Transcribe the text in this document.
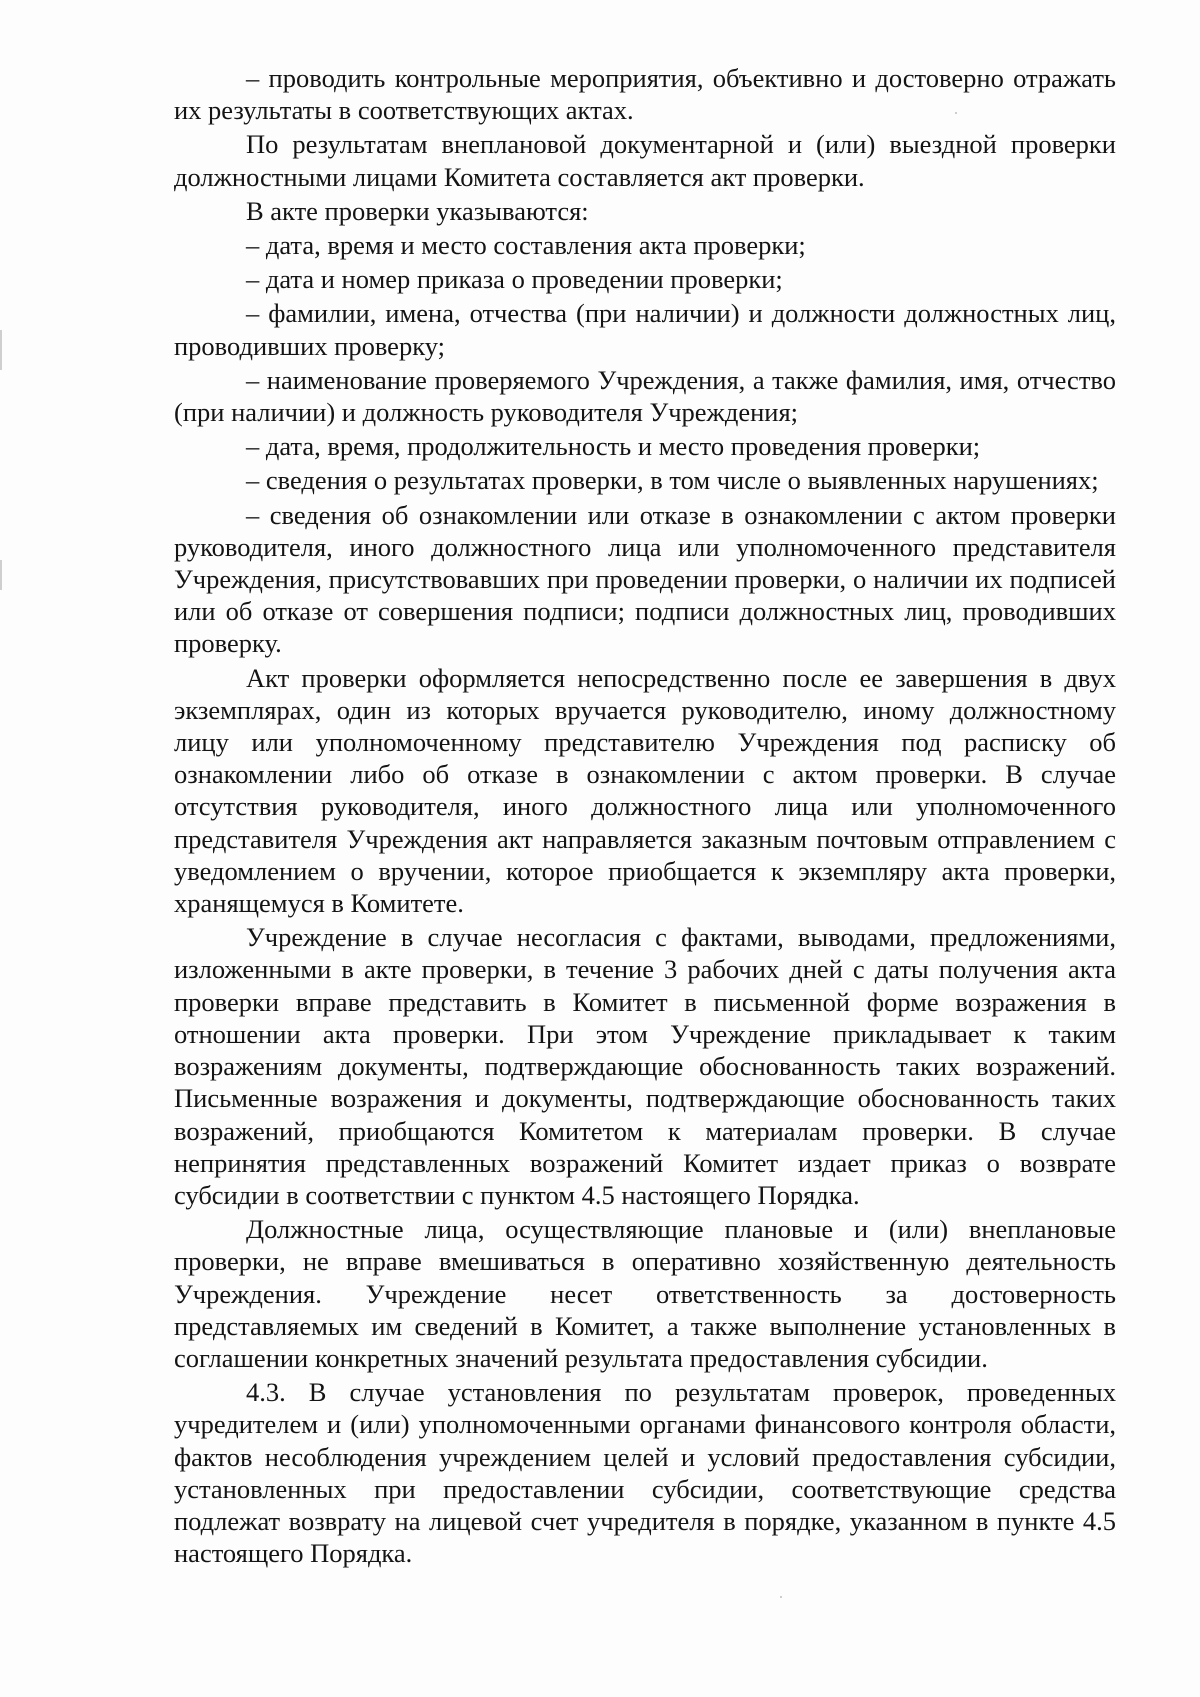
– проводить контрольные мероприятия, объективно и достоверно отражать их результаты в соответствующих актах.

По результатам внеплановой документарной и (или) выездной проверки должностными лицами Комитета составляется акт проверки.

В акте проверки указываются:

– дата, время и место составления акта проверки;

– дата и номер приказа о проведении проверки;

– фамилии, имена, отчества (при наличии) и должности должностных лиц, проводивших проверку;

– наименование проверяемого Учреждения, а также фамилия, имя, отчество (при наличии) и должность руководителя Учреждения;

– дата, время, продолжительность и место проведения проверки;

– сведения о результатах проверки, в том числе о выявленных нарушениях;

– сведения об ознакомлении или отказе в ознакомлении с актом проверки руководителя, иного должностного лица или уполномоченного представителя Учреждения, присутствовавших при проведении проверки, о наличии их подписей или об отказе от совершения подписи; подписи должностных лиц, проводивших проверку.

Акт проверки оформляется непосредственно после ее завершения в двух экземплярах, один из которых вручается руководителю, иному должностному лицу или уполномоченному представителю Учреждения под расписку об ознакомлении либо об отказе в ознакомлении с актом проверки. В случае отсутствия руководителя, иного должностного лица или уполномоченного представителя Учреждения акт направляется заказным почтовым отправлением с уведомлением о вручении, которое приобщается к экземпляру акта проверки, хранящемуся в Комитете.

Учреждение в случае несогласия с фактами, выводами, предложениями, изложенными в акте проверки, в течение 3 рабочих дней с даты получения акта проверки вправе представить в Комитет в письменной форме возражения в отношении акта проверки. При этом Учреждение прикладывает к таким возражениям документы, подтверждающие обоснованность таких возражений. Письменные возражения и документы, подтверждающие обоснованность таких возражений, приобщаются Комитетом к материалам проверки. В случае непринятия представленных возражений Комитет издает приказ о возврате субсидии в соответствии с пунктом 4.5 настоящего Порядка.

Должностные лица, осуществляющие плановые и (или) внеплановые проверки, не вправе вмешиваться в оперативно хозяйственную деятельность Учреждения. Учреждение несет ответственность за достоверность представляемых им сведений в Комитет, а также выполнение установленных в соглашении конкретных значений результата предоставления субсидии.

4.3. В случае установления по результатам проверок, проведенных учредителем и (или) уполномоченными органами финансового контроля области, фактов несоблюдения учреждением целей и условий предоставления субсидии, установленных при предоставлении субсидии, соответствующие средства подлежат возврату на лицевой счет учредителя в порядке, указанном в пункте 4.5 настоящего Порядка.
